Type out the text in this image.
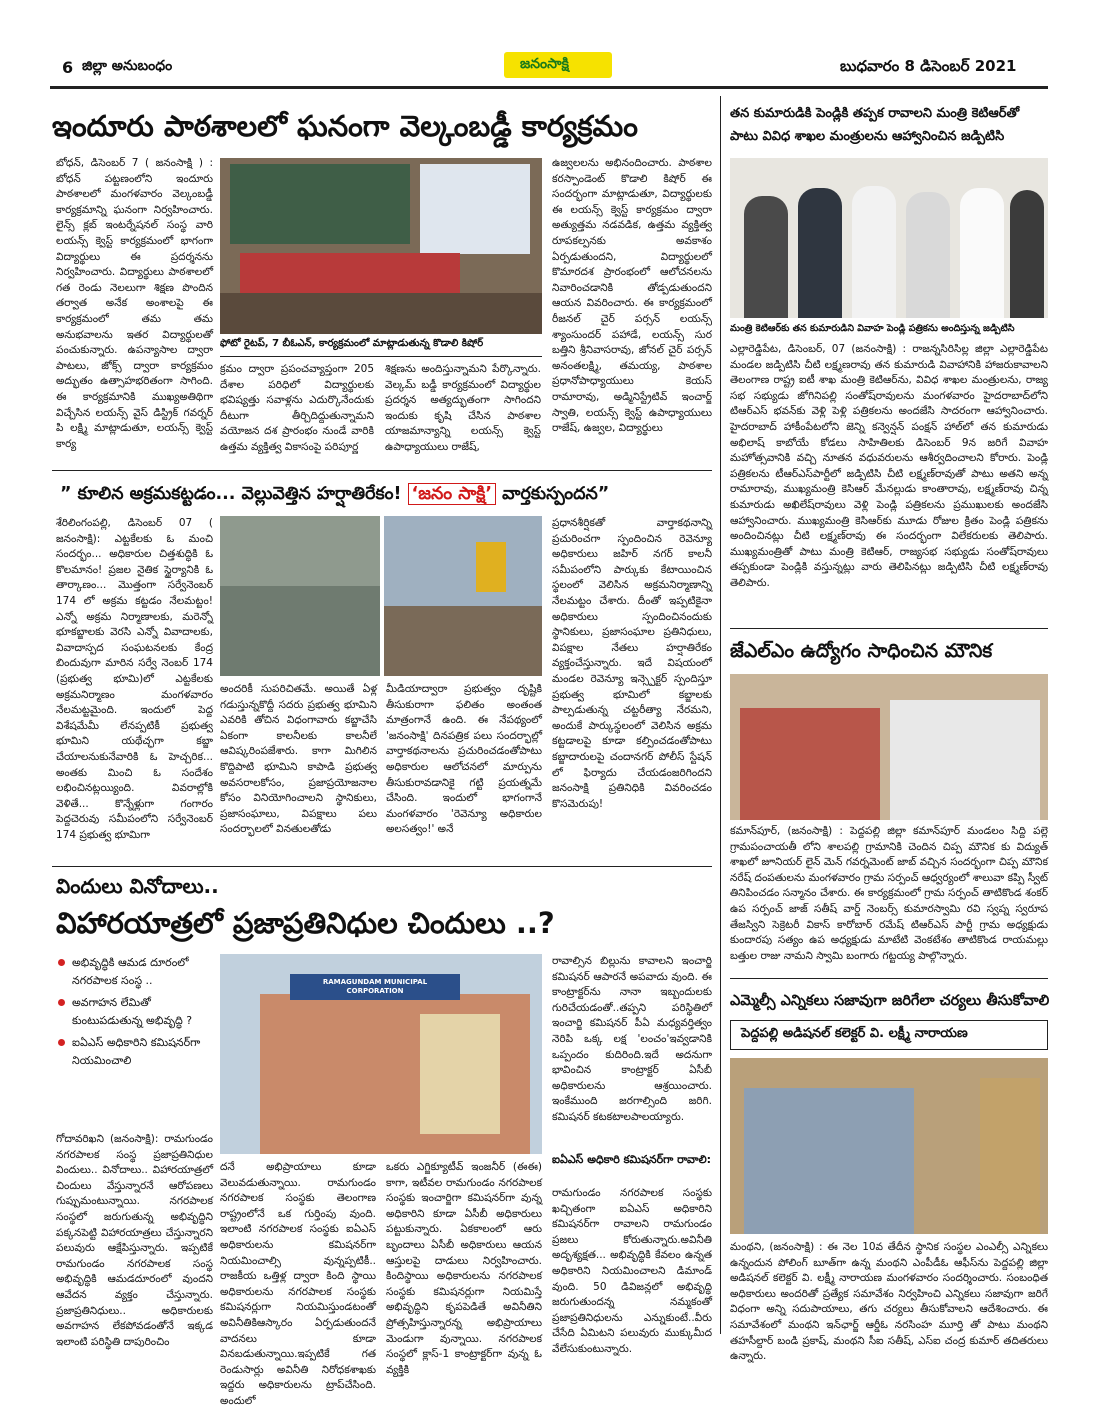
6 జిల్లా అనుబంధం	జనంసాక్షి	బుధవారం 8 డిసెంబర్ 2021
ఇందూరు పాఠశాలలో ఘనంగా వెల్కంబడ్డీ కార్యక్రమం
బోధన్, డిసెంబర్ 7 ( జనంసాక్షి ) : బోధన్ పట్టణంలోని ఇందూరు పాఠశాలలో మంగళవారం వెల్కంబడ్డీ కార్యక్రమాన్ని ఘనంగా నిర్వహించారు. లైన్స్ క్లబ్ ఇంటర్నేషనల్ సంస్థ వారి లయన్స్ క్వెస్ట్ కార్యక్రమంలో భాగంగా విద్యార్థులు ఈ ప్రదర్శనను నిర్వహించారు. విద్యార్థులు పాఠశాలలో గత రెండు నెలలుగా శిక్షణ పొందిన తర్వాత అనేక అంశాలపై ఈ కార్యక్రమంలో తమ తమ అనుభవాలను ఇతర విద్యార్థులతో పంచుకున్నారు. ఉపన్యాసాల ద్వారా పాటలు, జోక్స్ ద్వారా కార్యక్రమం అద్భుతం ఉత్సాహభరితంగా సాగింది. ఈ కార్యక్రమానికి ముఖ్యఅతిథిగా విచ్చేసిన లయన్స్ వైస్ డిస్ట్రిక్ గవర్నర్ పి లక్ష్మి మాట్లాడుతూ, లయన్స్ క్వెస్ట్ కార్య
ఫోటో రైటప్, 7 బీఓఎన్, కార్యక్రమంలో మాట్లాడుతున్న కొడాలి కిషోర్
క్రమం ద్వారా ప్రపంచవ్యాప్తంగా 205 దేశాల పరిధిలో విద్యార్థులకు భవిష్యత్తు సవాళ్లను ఎదుర్కొనేందుకు దీటుగా తీర్చిదిద్దుతున్నామని వయోజన దశ ప్రారంభం నుండే వారికి ఉత్తమ వ్యక్తిత్వ వికాసంపై పరిపూర్ణ
శిక్షణను అందిస్తున్నామని పేర్కొన్నారు. వెల్కమ్ బడ్డీ కార్యక్రమంలో విద్యార్థుల ప్రదర్శన అత్యద్భుతంగా సాగిందని ఇందుకు కృషి చేసిన పాఠశాల యాజమాన్యాన్ని లయన్స్ క్వెస్ట్ ఉపాధ్యాయులు రాజేష్,
ఉజ్వలలను అభినందించారు. పాఠశాల కరస్పాండెంట్ కొడాలి కిషోర్ ఈ సందర్భంగా మాట్లాడుతూ, విద్యార్థులకు ఈ లయన్స్ క్వెస్ట్ కార్యక్రమం ద్వారా అత్యుత్తమ నడవడిక, ఉత్తమ వ్యక్తిత్వ రూపకల్పనకు అవకాశం ఏర్పడుతుందని, విద్యార్థులలో కొమారదశ ప్రారంభంలో ఆలోచనలను నివారించడానికి తోడ్పడుతుందని ఆయన వివరించారు. ఈ కార్యక్రమంలో రీజనల్ చైర్ పర్సన్ లయన్స్ శ్యాంసుందర్ పహాడే, లయన్స్ సుర బత్తిని శ్రీనివాసరావు, జోనల్ చైర్ పర్సన్ అనంతలక్ష్మి, తమయ్య, పాఠశాల ప్రధానోపాధ్యాయులు కెయస్ రామారావు, అడ్మినిస్ట్రేటివ్ ఇంచార్జ్ స్వాతి, లయన్స్ క్వెస్ట్ ఉపాధ్యాయులు రాజేష్, ఉజ్వల, విద్యార్థులు
తన కుమారుడికి పెండ్లికి తప్పక రావాలని మంత్రి కెటిఆర్‌తో పాటు వివిధ శాఖల మంత్రులను ఆహ్వానించిన జడ్పిటిసి
మంత్రి కెటిఆర్‌కు తన కుమారుడిని వివాహ పెండ్లి పత్రికను అందిస్తున్న జడ్పిటిసి
ఎల్లారెడ్డిపేట, డిసెంబర్, 07 (జనంసాక్షి) : రాజన్నసిరిసిల్ల జిల్లా ఎల్లారెడ్డిపేట మండల జడ్పిటిసి చీటి లక్ష్మణరావు తన కుమారుడి వివాహానికి హాజరుకావాలని తెలంగాణ రాష్ట్ర ఐటీ శాఖ మంత్రి కెటిఆర్‌ను, వివిధ శాఖల మంత్రులను, రాజ్య సభ సభ్యుడు జోగినిపల్లి సంతోష్‌రావులను మంగళవారం హైదరాబాద్‌లోని టిఆర్‌ఎస్ భవన్‌కు వెళ్లి పెళ్లి పత్రికలను అందజేసి సాదరంగా ఆహ్వానించారు. హైదరాబాద్ హాకీంపేటలోని జెన్ని కన్వెన్షన్ పంక్షన్ హాల్‌లో తన కుమారుడు అభిలాష్ కాబోయే కోడలు సాహితిలకు డిసెంబర్ 9న జరిగే వివాహ మహోత్సవానికి వచ్చి నూతన వధువరులను ఆశీర్వదించాలని కోరారు. పెండ్లి పత్రికలను టీఆర్ఎస్‌పార్టీలో జడ్పిటిసి చీటి లక్ష్మణ్‌రావుతో పాటు అతని అన్న రామారావు, ముఖ్యమంత్రి కెసిఆర్ మేనల్లుడు కాంతారావు, లక్ష్మణ్‌రావు చిన్న కుమారుడు అఖిలేష్‌రావులు వెళ్లి పెండ్లి పత్రికలను ప్రముఖులకు అందజేసి ఆహ్వానించారు. ముఖ్యమంత్రి కెసిఆర్‌కు మూడు రోజుల క్రితం పెండ్లి పత్రికను అందించినట్లు చీటి లక్ష్మణ్‌రావు ఈ సందర్భంగా విలేకరులకు తెలిపారు. ముఖ్యమంత్రితో పాటు మంత్రి కెటిఆర్, రాజ్యసభ సభ్యుడు సంతోష్‌రావులు తప్పకుండా పెండ్లికి వస్తున్నట్లు వారు తెలిపినట్లు జడ్పిటిసి చీటి లక్ష్మణ్‌రావు తెలిపారు.
” కూలిన అక్రమకట్టడం... వెల్లువెత్తిన హర్షాతిరేకం! ‘జనం సాక్షి’ వార్తకుస్పందన”
శేరిలింగంపల్లి, డిసెంబర్ 07 ( జనంసాక్షి): ఎట్టకేలకు ఓ మంచి సందర్భం... అధికారుల చిత్తశుద్ధికి ఓ కొలమానం! ప్రజల నైతిక స్థైర్యానికి ఓ తార్కాణం... మొత్తంగా సర్వేనెంబర్ 174 లో అక్రమ కట్టడం నేలమట్టం! ఎన్నో అక్రమ నిర్మాణాలకు, మరెన్నో భూకబ్జాలకు వెరసి ఎన్నో వివాదాలకు, వివాదాస్పద సంఘటనలకు కేంద్ర బిందువుగా మారిన సర్వే నెంబర్ 174 (ప్రభుత్వ భూమి)లో ఎట్టకేలకు అక్రమనిర్మాణం మంగళవారం నేలమట్టమైంది. ఇందులో పెద్ద విశేషమేమీ లేనప్పటికీ ప్రభుత్వ భూమిని యథేచ్ఛగా కబ్జా చేయాలనుకునేవారికి ఓ హెచ్చరిక... అంతకు మించి ఓ సందేశం లభించినట్లయ్యింది. వివరాల్లోకి వెళితే... కొన్నేళ్లుగా గంగారం పెద్దచెరువు సమీపంలోని సర్వేనెంబర్ 174 ప్రభుత్వ భూమిగా
అందరికీ సుపరిచితమే. అయితే ఏళ్ల గడుస్తున్నకొద్దీ సదరు ప్రభుత్వ భూమిని ఎవరికి తోచిన విధంగావారు కబ్జాచేసి ఏకంగా కాలనీలకు కాలనీలే ఆవిష్కరింపజేశారు. కాగా మిగిలిన కొద్దిపాటి భూమిని కాపాడి ప్రభుత్వ అవసరాలకోసం, ప్రజాప్రయోజనాల కోసం వినియోగించాలని స్థానికులు, ప్రజాసంఘాలు, విపక్షాలు పలు సందర్భాలలో వినతులతోడు
మీడియాద్వారా ప్రభుత్వం దృష్టికి తీసుకురాగా ఫలితం అంతంత మాత్రంగానే ఉంది. ఈ నేపథ్యంలో 'జనంసాక్షి' దినపత్రిక పలు సందర్భాల్లో వార్తాకథనాలను ప్రచురించడంతోపాటు అధికారుల ఆలోచనలో మార్పును తీసుకురావడానికై గట్టి ప్రయత్నమే చేసింది. ఇందులో భాగంగానే మంగళవారం 'రెవెన్యూ అధికారుల అలసత్వం!' అనే
ప్రధానశీర్షికతో వార్తాకథనాన్ని ప్రచురించగా స్పందించిన రెవెన్యూ అధికారులు జహిర్ నగర్ కాలనీ సమీపంలోని పార్కుకు కేటాయించిన స్థలంలో వెలిసిన అక్రమనిర్మాణాన్ని నేలమట్టం చేశారు. దీంతో ఇప్పటికైనా అధికారులు స్పందించినందుకు స్థానికులు, ప్రజాసంఘాల ప్రతినిధులు, విపక్షాల నేతలు హర్షాతిరేకం వ్యక్తంచేస్తున్నారు. ఇదే విషయంలో మండల రెవెన్యూ ఇన్స్పెక్టర్ స్పందిస్తూ ప్రభుత్వ భూమిలో కబ్జాలకు పాల్పడుతున్న చట్టరీత్యా నేరమని, అందుకే పార్కుస్థలంలో వెలిసిన అక్రమ కట్టడాలపై కూడా కల్పించడంతోపాటు కబ్జాదారులపై చందానగర్ పోలీస్ స్టేషన్ లో ఫిర్యాదు చేయడంజరిగిందని జనంసాక్షి ప్రతినిధికి వివరించడం కొసమెరుపు!
జేఎల్‌ఎం ఉద్యోగం సాధించిన మౌనిక
కమాన్‌పూర్, (జనంసాక్షి) : పెద్దపల్లి జిల్లా కమాన్‌పూర్ మండలం సిద్ది పల్లె గ్రామపంచాయతీ లోని శాలపల్లి గ్రామానికి చెందిన చిప్ప మౌనిక కు విద్యుత్ శాఖలో జూనియర్ లైన్ మెన్ గవర్నమెంట్ జాబ్ వచ్చిన సందర్భంగా చిప్ప మౌనిక నరేష్ దంపతులను మంగళవారం గ్రామ సర్పంచ్ ఆధ్వర్యంలో శాలువా కప్పి స్వీట్ తినిపించడం సన్మానం చేశారు. ఈ కార్యక్రమంలో గ్రామ సర్పంచ్ తాటికొండ శంకర్ ఉప సర్పంచ్ జాజ్ సతీష్ వార్డ్ నెంబర్స్ కుమారస్వామి రవి స్వప్న స్వరూప తేజస్విని సెక్రెటరీ వికాస్ కారోబార్ రమేష్ టిఆర్ఎస్ పార్టీ గ్రామ అధ్యక్షుడు కుందారపు సత్యం ఉప అధ్యక్షుడు మాటేటి వెంకటేశం తాటికొండ రాయమల్లు బత్తుల రాజు నామని స్వామి బంగారు గట్టయ్య పాల్గొన్నారు.
విందులు వినోదాలు..
విహారయాత్రలో ప్రజాప్రతినిధుల చిందులు ..?
అభివృద్ధికి ఆమడ దూరంలో నగరపాలక సంస్థ ..
అవగాహన లేమితో కుంటుపడుతున్న అభివృద్ధి ?
ఐఏఎస్ అధికారిని కమిషనర్‌గా నియమించాలి
RAMAGUNDAM MUNICIPAL CORPORATION
గోదావరిఖని (జనంసాక్షి): రామగుండం నగరపాలక సంస్థ ప్రజాప్రతినిధుల విందులు.. వినోదాలు.. విహారయాత్రలో చిందులు వేస్తున్నారనే ఆరోపణలు గుప్పుమంటున్నాయి. నగరపాలక సంస్థలో జరుగుతున్న అభివృద్ధిని పక్కనపెట్టి విహారయాత్రలు చేస్తున్నారని పలువురు ఆక్షేపిస్తున్నారు. ఇప్పటికే రామగుండం నగరపాలక సంస్థ అభివృద్ధికి ఆమడదూరంలో వుందని ఆవేదన వ్యక్తం చేస్తున్నారు. ప్రజాప్రతినిధులు.. అధికారులకు అవగాహన లేకపోవడంతోనే ఇక్కడ ఇలాంటి పరిస్థితి దాపురించిం
దనే అభిప్రాయాలు కూడా వెలువడుతున్నాయి. రామగుండం నగరపాలక సంస్థకు తెలంగాణ రాష్ట్రంలోనే ఒక గుర్తింపు వుంది. ఇలాంటి నగరపాలక సంస్థకు ఐఏఎస్ అధికారులను కమిషనర్‌గా నియమించాల్సి వున్నప్పటికీ.. రాజకీయ ఒత్తిళ్ల ద్వారా కింది స్థాయి అధికారులను నగరపాలక సంస్థకు కమిషనర్లుగా నియమిస్తుండటంతో అవినీతికిఆస్కారం ఏర్పడుతుందనే వాదనలు కూడా వినబడుతున్నాయి.ఇప్పటికే గత రెండుసార్లు అవినీతి నిరోధకశాఖకు ఇద్దరు అధికారులను ట్రాప్‌చేసింది. అందులో
ఒకరు ఎగ్జిక్యూటీవ్ ఇంజనీర్ (ఈఈ) కాగా, ఇటీవల రామగుండం నగరపాలక సంస్థకు ఇంచార్జిగా కమిషనర్‌గా వున్న అధికారిని కూడా ఏసీబీ అధికారులు పట్టుకున్నారు. ఏకకాలంలో ఆరు బృందాలు ఏసీబీ అధికారులు ఆయన ఆస్తులపై దాడులు నిర్వహించారు. కిందిస్థాయి అధికారులను నగరపాలక సంస్థకు కమిషనర్లుగా నియమిస్తే అభివృద్ధిని కృపపెడితే అవినీతిని ప్రోత్సహిస్తున్నారన్న అభిప్రాయాలు మెండుగా వున్నాయి. నగరపాలక సంస్థలో క్లాస్-1 కాంట్రాక్టర్‌గా వున్న ఓ వ్యక్తికి
రావాల్సిన బిల్లును కావాలని ఇంచార్జి కమిషనర్ ఆపారనే అపవాదు వుంది. ఈ కాంట్రాక్టర్‌ను నానా ఇబ్బందులకు గురిచేయడంతో..తప్పని పరిస్థితిలో ఇంచార్జి కమిషనర్ పీఏ మధ్యవర్తిత్వం నెరిపి ఒక్క లక్ష 'లంచం'ఇవ్వడానికి ఒప్పందం కుదిరింది.ఇదే అదనుగా భావించిన కాంట్రాక్టర్ ఏసీబీ అధికారులను ఆశ్రయించారు. ఇంకేముంది జరగాల్సింది జరిగి. కమిషనర్ కటకటాలపాలయ్యారు.
ఐఏఎస్ అధికారి కమిషనర్‌గా రావాలి:
రామగుండం నగరపాలక సంస్థకు ఖచ్చితంగా ఐఏఎస్ అధికారిని కమిషనర్‌గా రావాలని రామగుండం ప్రజలు కోరుతున్నారు.అవినీతి అదృశ్యక్షత... అభివృద్ధికి కేవలం ఉన్నత అధికారిని నియమించాలని డిమాండ్ వుంది. 50 డివిజన్లలో అభివృద్ధి జరుగుతుందన్న నమ్మకంతో ప్రజాప్రతినిధులను ఎన్నుకుంటే..వీరు చేసేది ఏమిటని పలువురు ముక్కుమీద వేలేసుకుంటున్నారు.
ఎమ్మెల్సీ ఎన్నికలు సజావుగా జరిగేలా చర్యలు తీసుకోవాలి
పెద్దపల్లి అడిషనల్ కలెక్టర్ వి. లక్ష్మీ నారాయణ
మంథని, (జనంసాక్షి) : ఈ నెల 10వ తేదీన స్థానిక సంస్థల ఎంఎల్సీ ఎన్నికలు ఉన్నందున పోలింగ్ బూత్‌గా ఉన్న మంథని ఎంపీడీఓ ఆఫీస్‌ను పెద్దపల్లి జిల్లా అడిషనల్ కలెక్టర్ వి. లక్ష్మీ నారాయణ మంగళవారం సందర్శించారు. సంబంధిత అధికారులు అందరితో ప్రత్యేక సమావేశం నిర్వహించి ఎన్నికలు సజావుగా జరిగే విధంగా అన్ని సదుపాయాలు, తగు చర్యలు తీసుకోవాలని ఆదేశించారు. ఈ సమావేశంలో మంథని ఇన్‌ఛార్జ్ ఆర్డీఓ నరసింహ మూర్తి తో పాటు మంథని తహసీల్దార్ బండి ప్రకాష్, మంథని సీఐ సతీష్, ఎస్ఐ చంద్ర కుమార్ తదితరులు ఉన్నారు.
